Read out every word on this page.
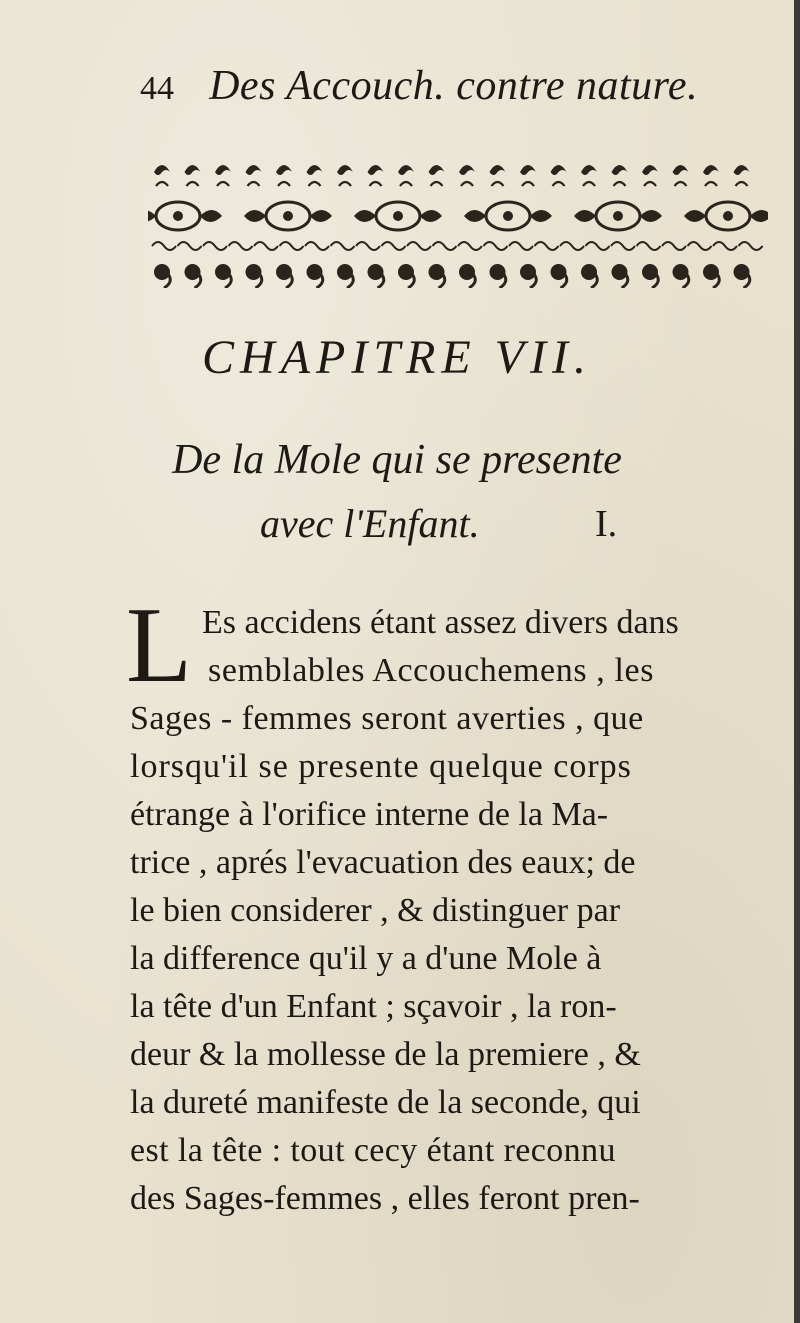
44 Des Accouch. contre nature.
CHAPITRE VII.
De la Mole qui se presente
avec l'Enfant.	I.
L Es accidens étant assez divers dans
semblables Accouchemens , les
Sages - femmes seront averties , que
lorsqu'il se presente quelque corps
étrange à l'orifice interne de la Ma-
trice , aprés l'evacuation des eaux; de
le bien considerer , & distinguer par
la difference qu'il y a d'une Mole à
la tête d'un Enfant ; sçavoir , la ron-
deur & la mollesse de la premiere , &
la dureté manifeste de la seconde, qui
est la tête : tout cecy étant reconnu
des Sages-femmes , elles feront pren-
